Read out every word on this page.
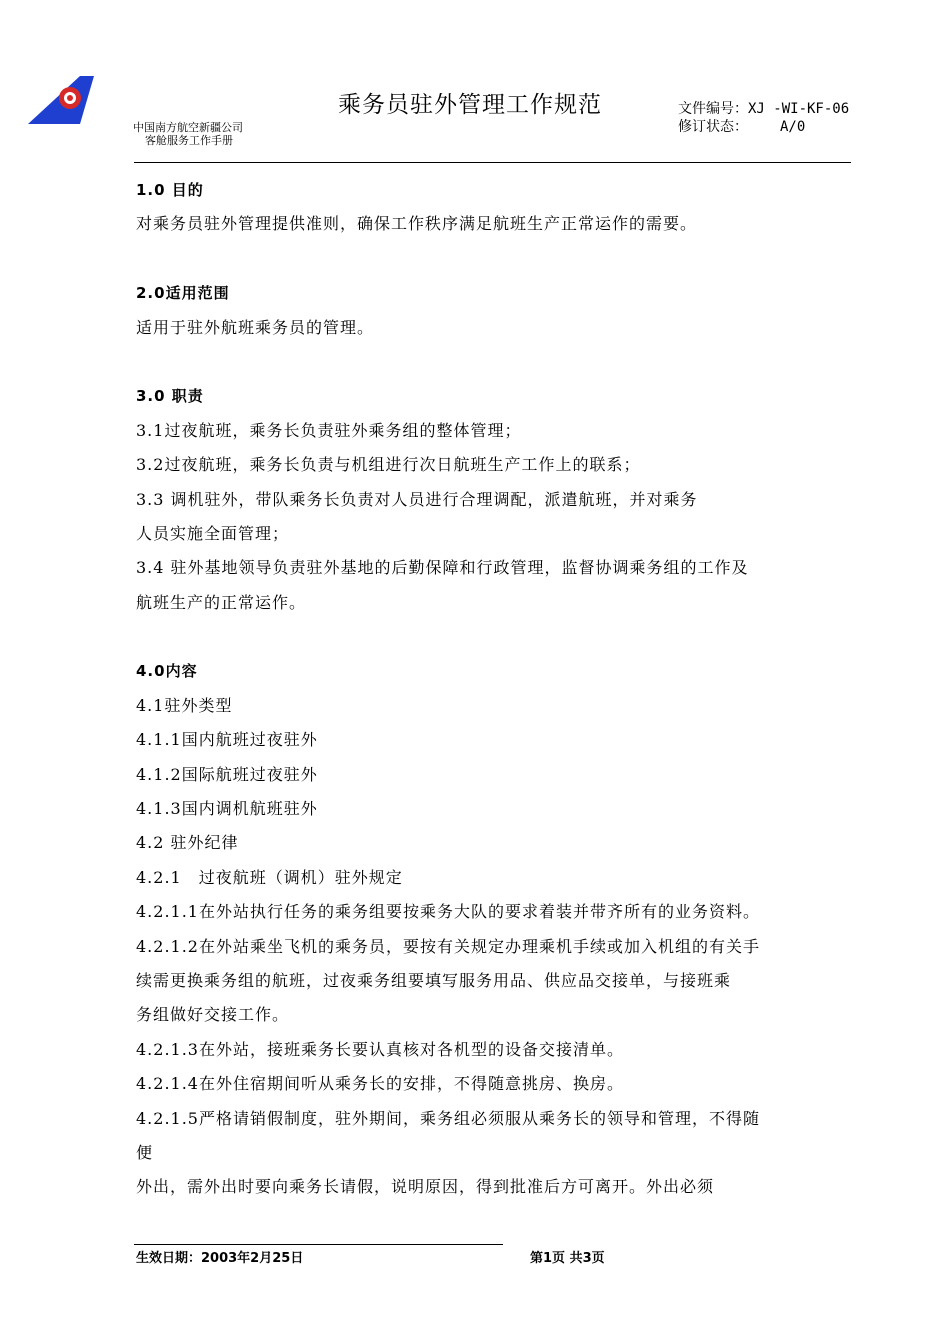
中国南方航空新疆公司
客舱服务工作手册
乘务员驻外管理工作规范	文件编号：XJ -WI-KF-06
修订状态： A/0
1.0 目的
对乘务员驻外管理提供准则，确保工作秩序满足航班生产正常运作的需要。
2.0适用范围
适用于驻外航班乘务员的管理。
3.0 职责
3.1过夜航班，乘务长负责驻外乘务组的整体管理；
3.2过夜航班，乘务长负责与机组进行次日航班生产工作上的联系；
3.3 调机驻外，带队乘务长负责对人员进行合理调配，派遣航班，并对乘务
人员实施全面管理；
3.4 驻外基地领导负责驻外基地的后勤保障和行政管理，监督协调乘务组的工作及
航班生产的正常运作。
4.0内容
4.1驻外类型
4.1.1国内航班过夜驻外
4.1.2国际航班过夜驻外
4.1.3国内调机航班驻外
4.2 驻外纪律
4.2.1　过夜航班（调机）驻外规定
4.2.1.1在外站执行任务的乘务组要按乘务大队的要求着装并带齐所有的业务资料。
4.2.1.2在外站乘坐飞机的乘务员，要按有关规定办理乘机手续或加入机组的有关手
续需更换乘务组的航班，过夜乘务组要填写服务用品、供应品交接单，与接班乘
务组做好交接工作。
4.2.1.3在外站，接班乘务长要认真核对各机型的设备交接清单。
4.2.1.4在外住宿期间听从乘务长的安排，不得随意挑房、换房。
4.2.1.5严格请销假制度，驻外期间，乘务组必须服从乘务长的领导和管理，不得随
便
外出，需外出时要向乘务长请假，说明原因，得到批准后方可离开。外出必须
生效日期：2003年2月25日	第1页 共3页
